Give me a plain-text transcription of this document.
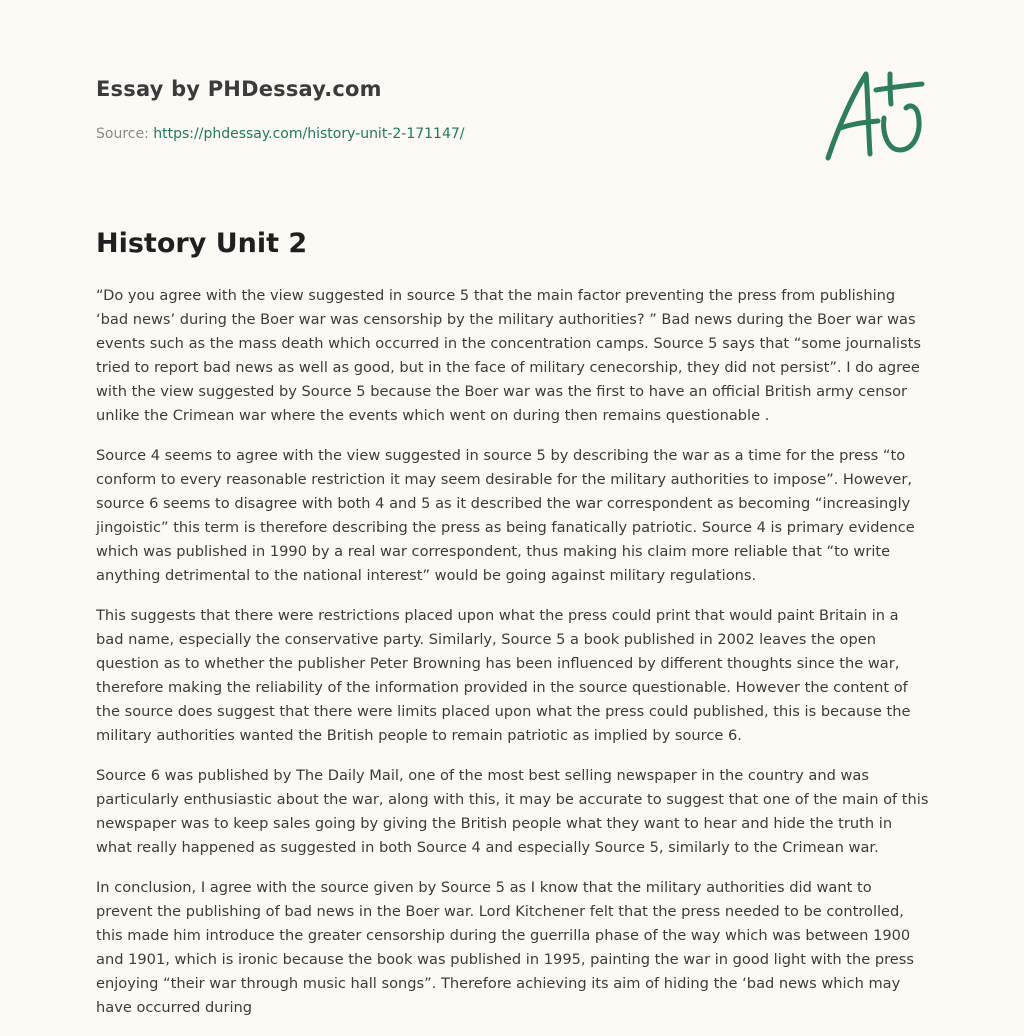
Essay by PHDessay.com
Source: https://phdessay.com/history-unit-2-171147/
History Unit 2

“Do you agree with the view suggested in source 5 that the main factor preventing the press from publishing ‘bad news’ during the Boer war was censorship by the military authorities? ” Bad news during the Boer war was events such as the mass death which occurred in the concentration camps. Source 5 says that “some journalists tried to report bad news as well as good, but in the face of military cenecorship, they did not persist”. I do agree with the view suggested by Source 5 because the Boer war was the first to have an official British army censor unlike the Crimean war where the events which went on during then remains questionable .

Source 4 seems to agree with the view suggested in source 5 by describing the war as a time for the press “to conform to every reasonable restriction it may seem desirable for the military authorities to impose”. However, source 6 seems to disagree with both 4 and 5 as it described the war correspondent as becoming “increasingly jingoistic” this term is therefore describing the press as being fanatically patriotic. Source 4 is primary evidence which was published in 1990 by a real war correspondent, thus making his claim more reliable that “to write anything detrimental to the national interest” would be going against military regulations.

This suggests that there were restrictions placed upon what the press could print that would paint Britain in a bad name, especially the conservative party. Similarly, Source 5 a book published in 2002 leaves the open question as to whether the publisher Peter Browning has been influenced by different thoughts since the war, therefore making the reliability of the information provided in the source questionable. However the content of the source does suggest that there were limits placed upon what the press could published, this is because the military authorities wanted the British people to remain patriotic as implied by source 6.

Source 6 was published by The Daily Mail, one of the most best selling newspaper in the country and was particularly enthusiastic about the war, along with this, it may be accurate to suggest that one of the main of this newspaper was to keep sales going by giving the British people what they want to hear and hide the truth in what really happened as suggested in both Source 4 and especially Source 5, similarly to the Crimean war.

In conclusion, I agree with the source given by Source 5 as I know that the military authorities did want to prevent the publishing of bad news in the Boer war. Lord Kitchener felt that the press needed to be controlled, this made him introduce the greater censorship during the guerrilla phase of the way which was between 1900 and 1901, which is ironic because the book was published in 1995, painting the war in good light with the press enjoying “their war through music hall songs”. Therefore achieving its aim of hiding the ‘bad news which may have occurred during
